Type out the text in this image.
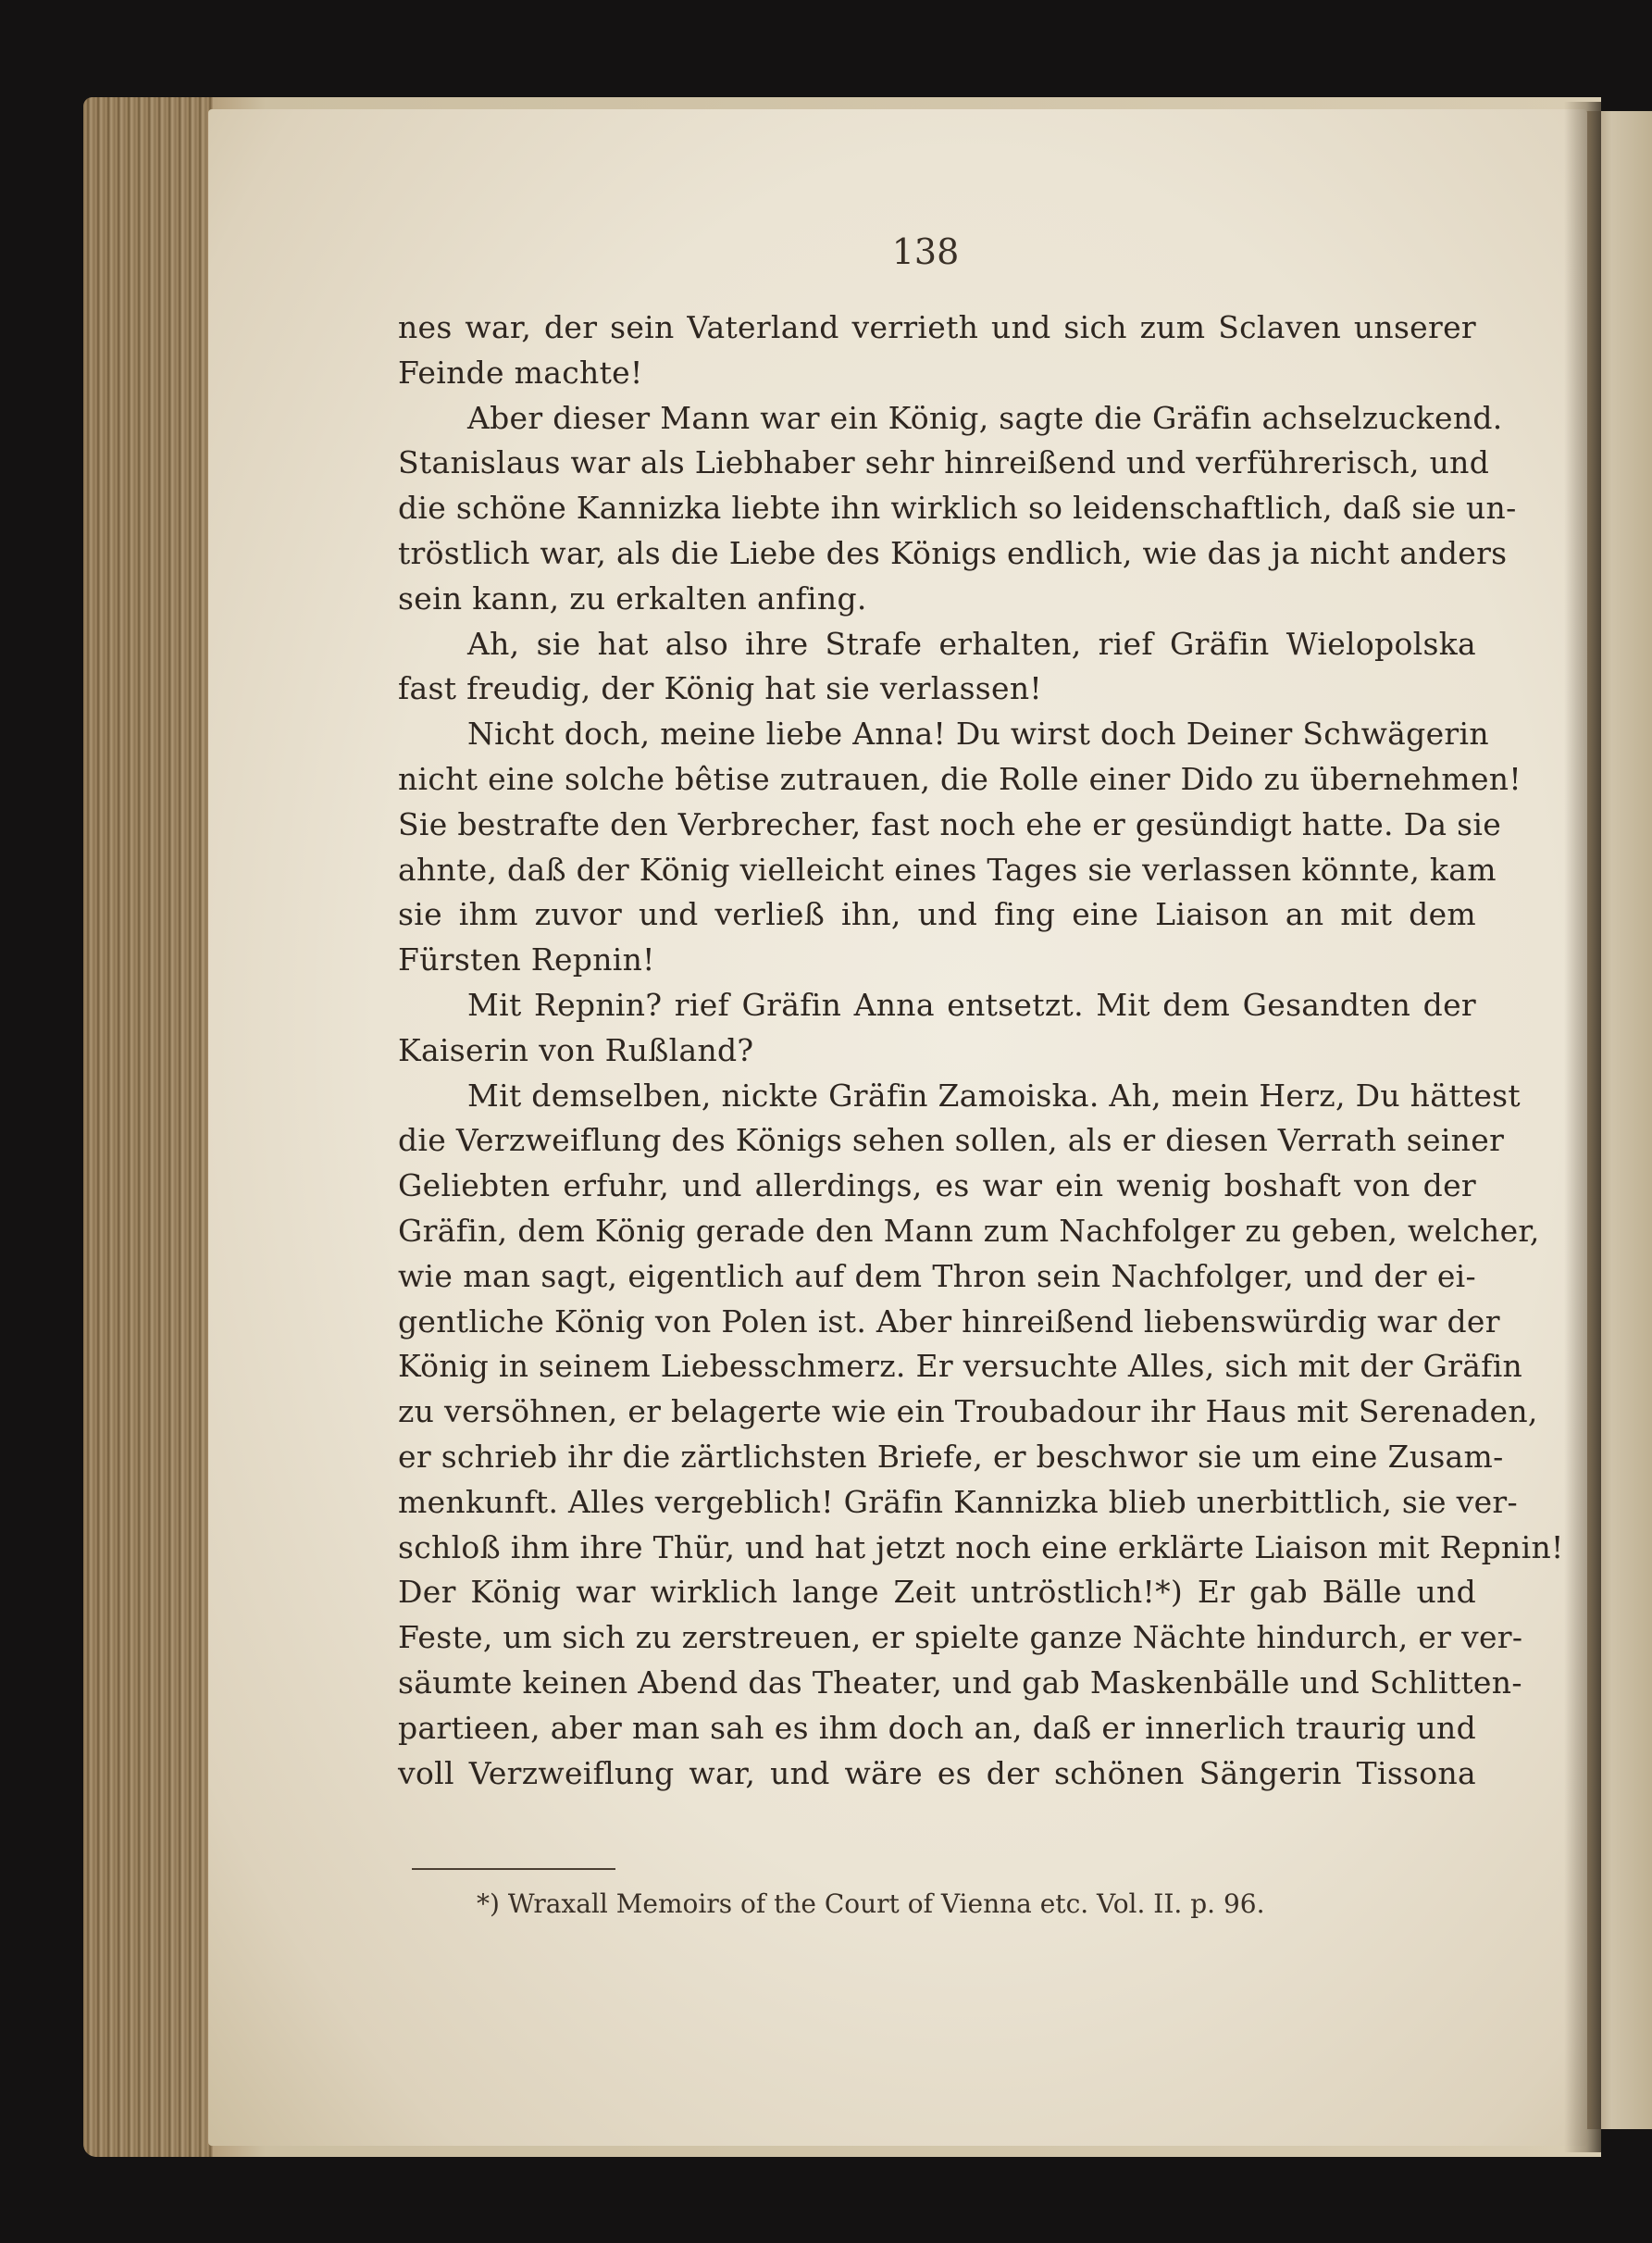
138
nes war, der sein Vaterland verrieth und sich zum Sclaven unserer
Feinde machte!
Aber dieser Mann war ein König, sagte die Gräfin achselzuckend.
Stanislaus war als Liebhaber sehr hinreißend und verführerisch, und
die schöne Kannizka liebte ihn wirklich so leidenschaftlich, daß sie un-
tröstlich war, als die Liebe des Königs endlich, wie das ja nicht anders
sein kann, zu erkalten anfing.
Ah, sie hat also ihre Strafe erhalten, rief Gräfin Wielopolska
fast freudig, der König hat sie verlassen!
Nicht doch, meine liebe Anna! Du wirst doch Deiner Schwägerin
nicht eine solche bêtise zutrauen, die Rolle einer Dido zu übernehmen!
Sie bestrafte den Verbrecher, fast noch ehe er gesündigt hatte. Da sie
ahnte, daß der König vielleicht eines Tages sie verlassen könnte, kam
sie ihm zuvor und verließ ihn, und fing eine Liaison an mit dem
Fürsten Repnin!
Mit Repnin? rief Gräfin Anna entsetzt. Mit dem Gesandten der
Kaiserin von Rußland?
Mit demselben, nickte Gräfin Zamoiska. Ah, mein Herz, Du hättest
die Verzweiflung des Königs sehen sollen, als er diesen Verrath seiner
Geliebten erfuhr, und allerdings, es war ein wenig boshaft von der
Gräfin, dem König gerade den Mann zum Nachfolger zu geben, welcher,
wie man sagt, eigentlich auf dem Thron sein Nachfolger, und der ei-
gentliche König von Polen ist. Aber hinreißend liebenswürdig war der
König in seinem Liebesschmerz. Er versuchte Alles, sich mit der Gräfin
zu versöhnen, er belagerte wie ein Troubadour ihr Haus mit Serenaden,
er schrieb ihr die zärtlichsten Briefe, er beschwor sie um eine Zusam-
menkunft. Alles vergeblich! Gräfin Kannizka blieb unerbittlich, sie ver-
schloß ihm ihre Thür, und hat jetzt noch eine erklärte Liaison mit Repnin!
Der König war wirklich lange Zeit untröstlich!*) Er gab Bälle und
Feste, um sich zu zerstreuen, er spielte ganze Nächte hindurch, er ver-
säumte keinen Abend das Theater, und gab Maskenbälle und Schlitten-
partieen, aber man sah es ihm doch an, daß er innerlich traurig und
voll Verzweiflung war, und wäre es der schönen Sängerin Tissona
*) Wraxall Memoirs of the Court of Vienna etc. Vol. II. p. 96.
